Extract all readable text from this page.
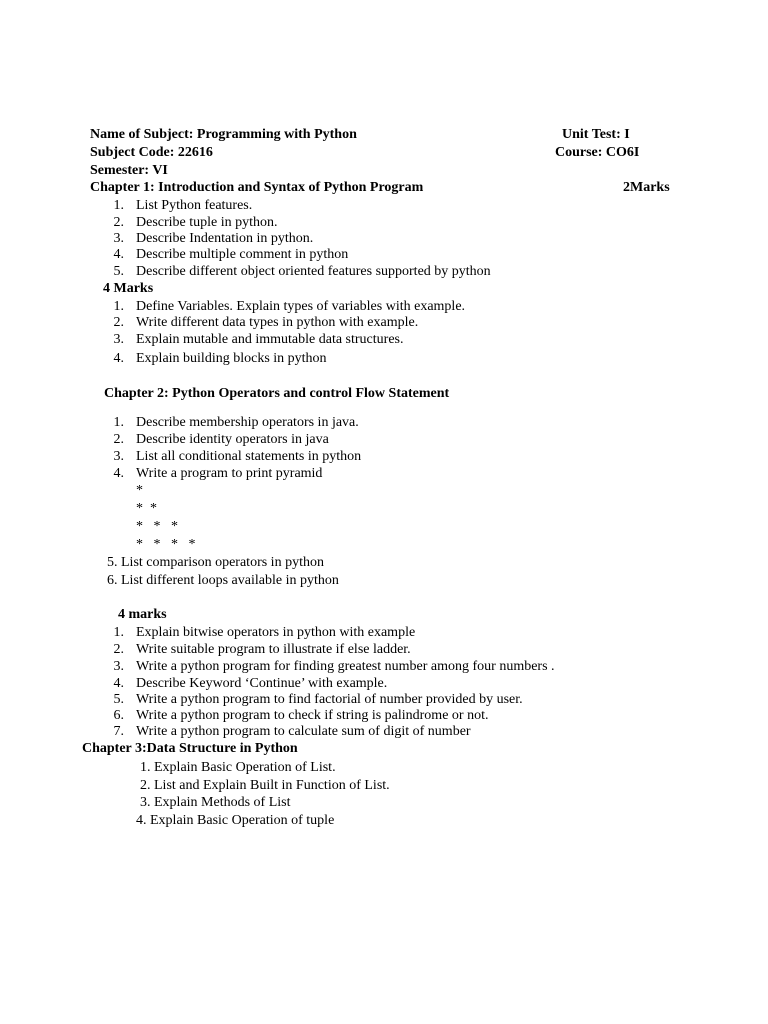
Name of Subject: Programming with Python	Unit Test: I
Subject Code: 22616	Course: CO6I
Semester: VI
Chapter 1: Introduction and Syntax of Python Program	2Marks
1. List Python features.
2. Describe tuple in python.
3. Describe Indentation in python.
4. Describe multiple comment in python
5. Describe different object oriented features supported by python
4 Marks
1. Define Variables. Explain types of variables with example.
2. Write different data types in python with example.
3. Explain mutable and immutable data structures.
4. Explain building blocks in python
Chapter 2: Python Operators and control Flow Statement
1. Describe membership operators in java.
2. Describe identity operators in java
3. List all conditional statements in python
4. Write a program to print pyramid
*
*  *
*   *   *
*   *   *   *
5. List comparison operators in python
6. List different loops available in python
4 marks
1. Explain bitwise operators in python with example
2. Write suitable program to illustrate if else ladder.
3. Write a python program for finding greatest number among four numbers .
4. Describe Keyword ‘Continue’ with example.
5. Write a python program to find factorial of number provided by user.
6. Write a python program to check if string is palindrome or not.
7. Write a python program to calculate sum of digit of number
Chapter 3:Data Structure in Python
1. Explain Basic Operation of List.
2. List and Explain Built in Function of List.
3. Explain Methods of List
4. Explain Basic Operation of tuple
